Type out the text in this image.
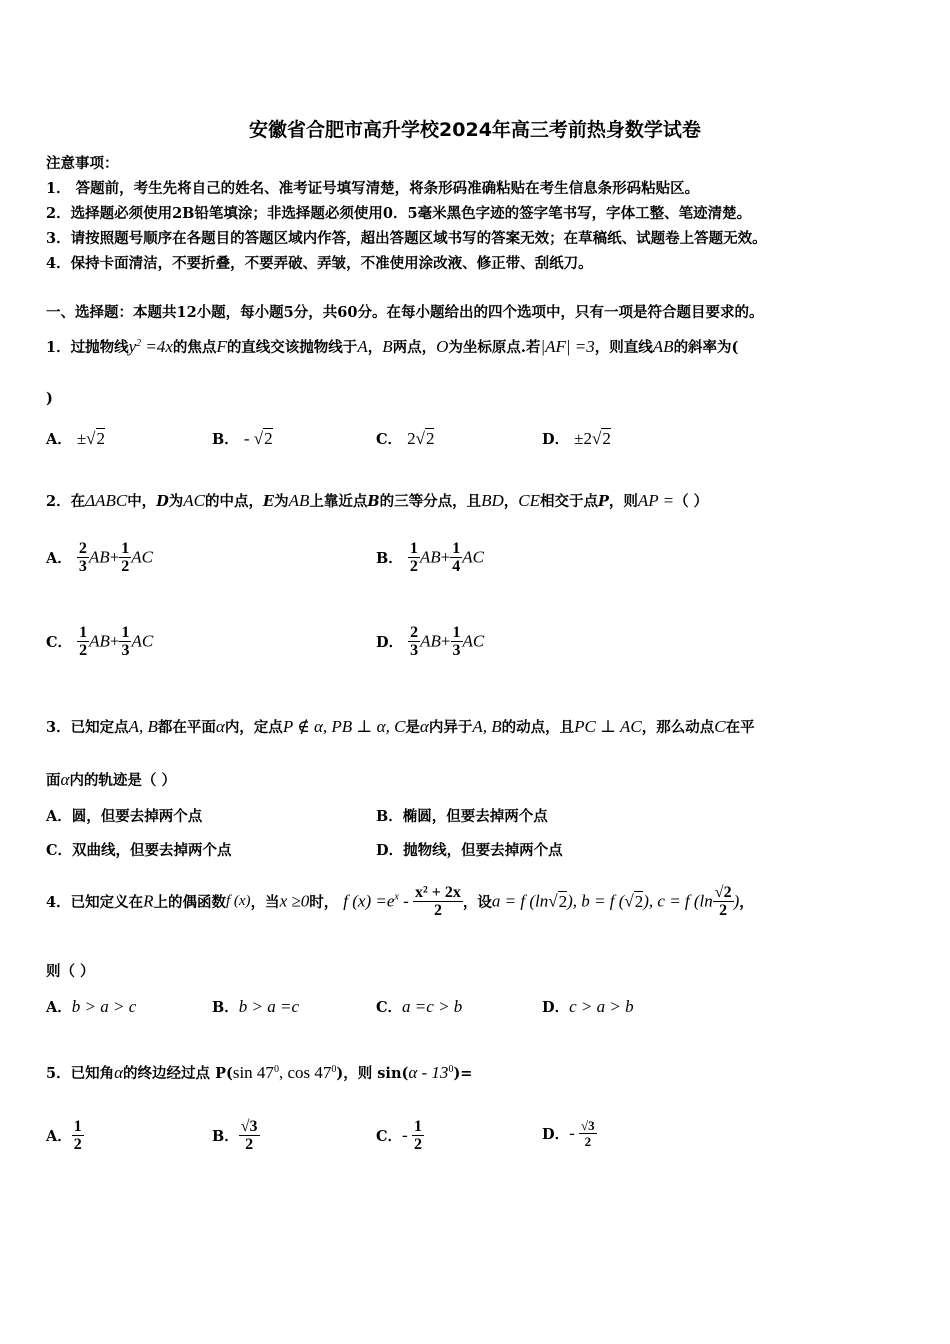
安徽省合肥市高升学校2024年高三考前热身数学试卷
注意事项：
1． 答题前，考生先将自己的姓名、准考证号填写清楚，将条形码准确粘贴在考生信息条形码粘贴区。
2．选择题必须使用2B铅笔填涂；非选择题必须使用0．5毫米黑色字迹的签字笔书写，字体工整、笔迹清楚。
3．请按照题号顺序在各题目的答题区域内作答，超出答题区域书写的答案无效；在草稿纸、试题卷上答题无效。
4．保持卡面清洁，不要折叠，不要弄破、弄皱，不准使用涂改液、修正带、刮纸刀。
一、选择题：本题共12小题，每小题5分，共60分。在每小题给出的四个选项中，只有一项是符合题目要求的。
1．过抛物线$y^2 =4x$的焦点F的直线交该抛物线于A，B两点，O为坐标原点.若|AF| =3，则直线AB的斜率为(
)
A． ±√2	B． - √2	C． 2√2	D． ±2√2
2．在ΔABC中，D为AC的中点，E为AB上靠近点B的三等分点，且BD，CE相交于点P，则AP =（ ）
A． $\frac{2}{3} AB+ \frac{1}{2}$ AC	B． $\frac{1}{2} AB+ \frac{1}{4}$ AC
C． $\frac{1}{2} AB+ \frac{1}{3}$ AC	D． $\frac{2}{3} AB+ \frac{1}{3}$ AC
3．已知定点A, B都在平面α内，定点P ∉ α, PB ⊥ α, C是α内异于A, B的动点，且PC ⊥ AC，那么动点C在平
面α内的轨迹是（ ）
A．圆，但要去掉两个点	B．椭圆，但要去掉两个点
C．双曲线，但要去掉两个点	D．抛物线，但要去掉两个点
4．已知定义在R上的偶函数f (x)，当x ≥0时， f $(x) =e^x - \frac{\text{x² + 2x}}{2}$ ，设a = f (ln√2), b = f (√2), c = f ($\ln \frac{√2}{2}$ )，
则（ ）
A．b > a > c	B．b > a =c	C．a =c > b	D．c > a > b
5．已知角α的终边经过点 P(sin $47^0$, $\cos 47^0$)，则 $\sin(\alpha - 13^0)=$
A． $\frac{1}{2}$	B． $\frac{√3}{2}$	C．- $\frac{1}{2}$	D．- $\frac{√3}{2}$
